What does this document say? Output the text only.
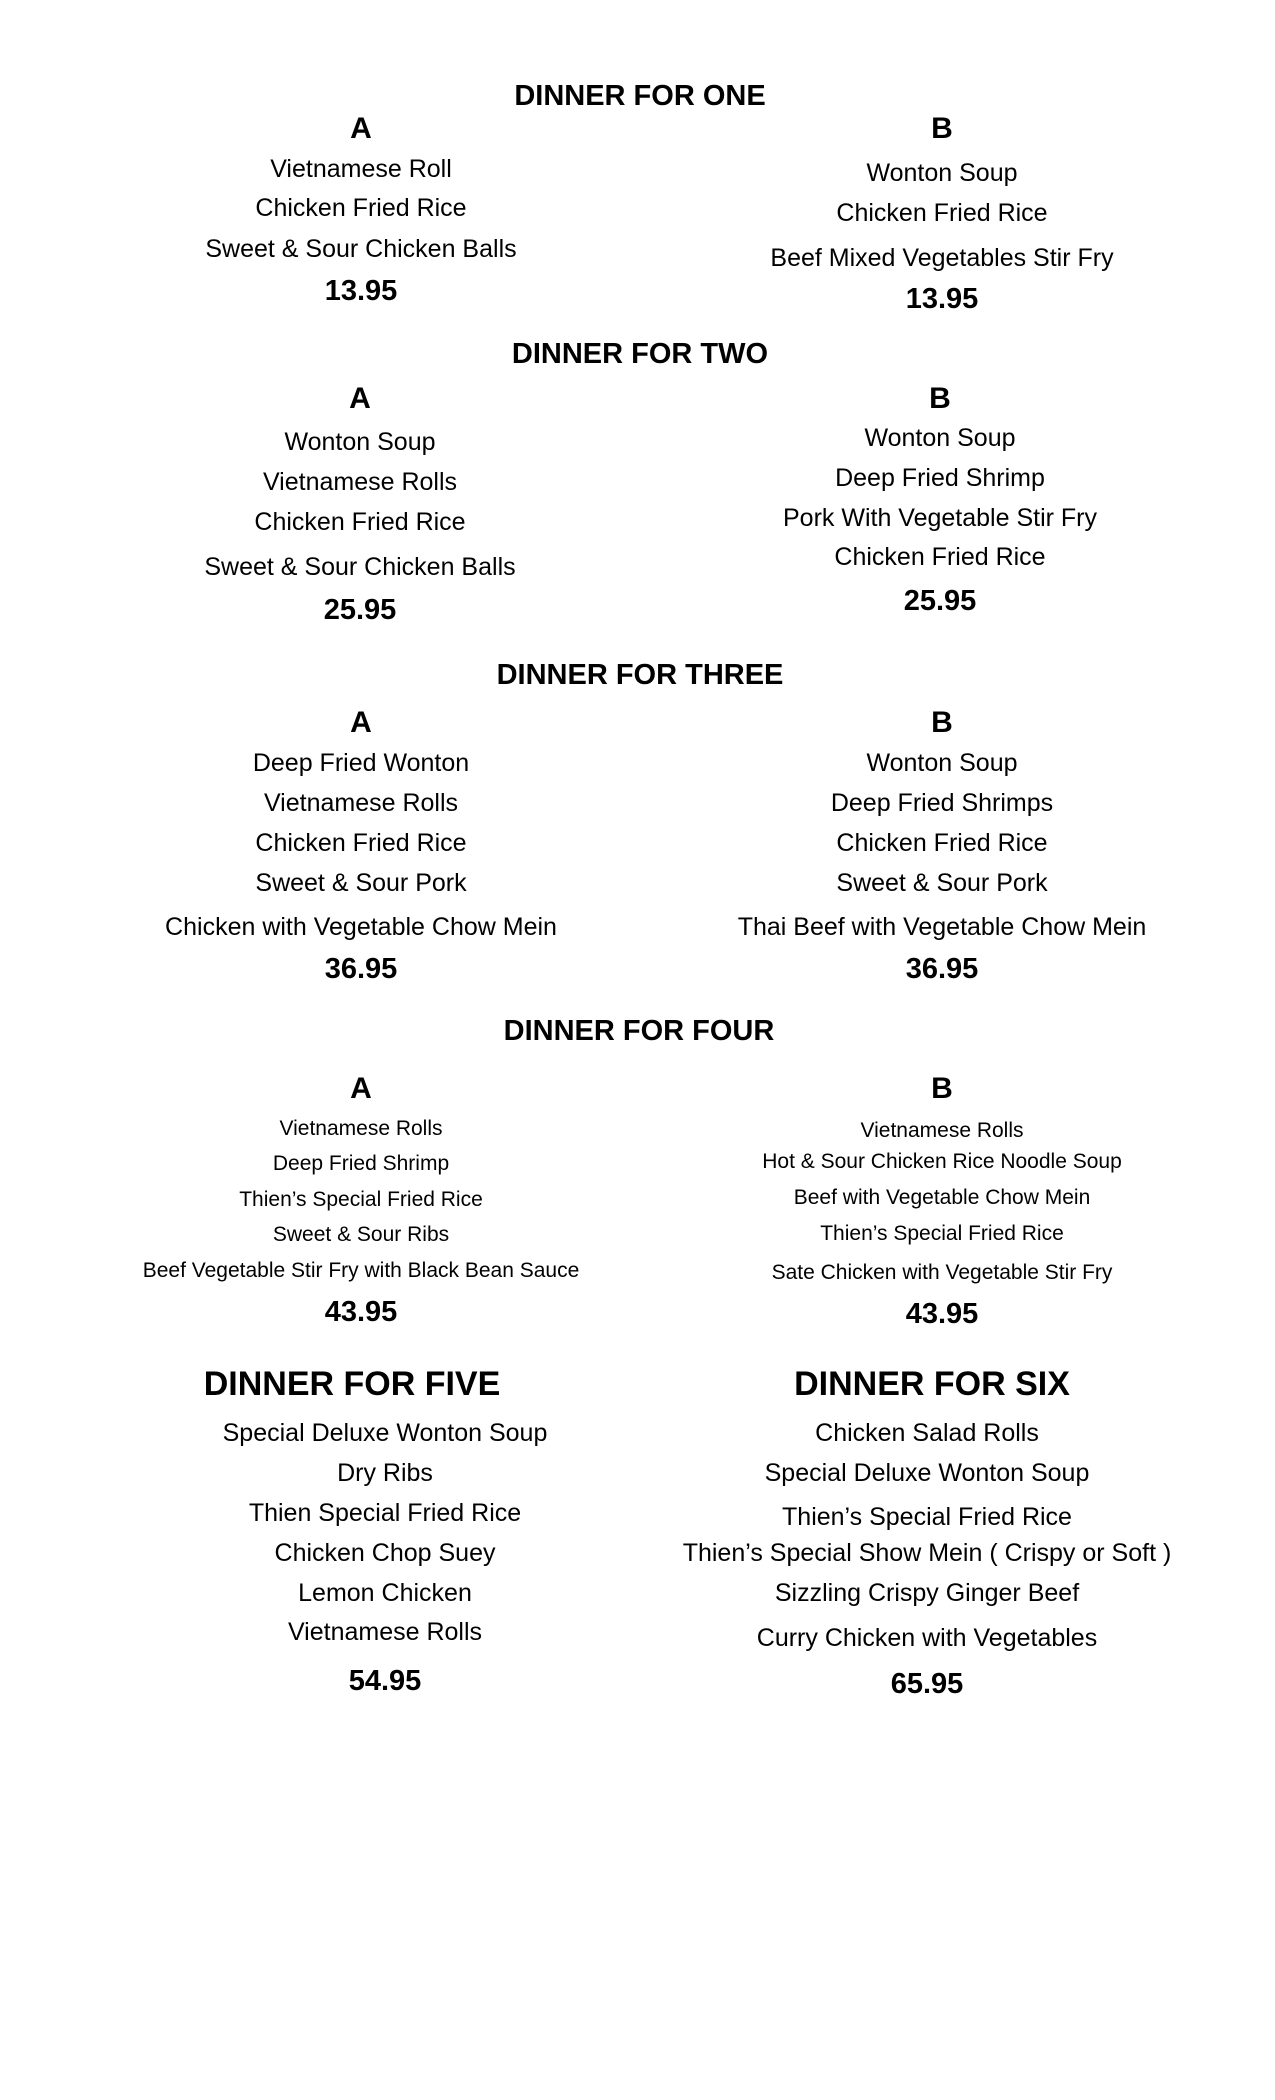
DINNER FOR ONE
A
Vietnamese Roll
Chicken Fried Rice
Sweet & Sour Chicken Balls
13.95
B
Wonton Soup
Chicken Fried Rice
Beef Mixed Vegetables Stir Fry
13.95
DINNER FOR TWO
A
Wonton Soup
Vietnamese Rolls
Chicken Fried Rice
Sweet & Sour Chicken Balls
25.95
B
Wonton Soup
Deep Fried Shrimp
Pork With Vegetable Stir Fry
Chicken Fried Rice
25.95
DINNER FOR THREE
A
Deep Fried Wonton
Vietnamese Rolls
Chicken Fried Rice
Sweet & Sour Pork
Chicken with Vegetable Chow Mein
36.95
B
Wonton Soup
Deep Fried Shrimps
Chicken Fried Rice
Sweet & Sour Pork
Thai Beef with Vegetable Chow Mein
36.95
DINNER FOR FOUR
A
Vietnamese Rolls
Deep Fried Shrimp
Thien’s Special Fried Rice
Sweet & Sour Ribs
Beef Vegetable Stir Fry with Black Bean Sauce
43.95
B
Vietnamese Rolls
Hot & Sour Chicken Rice Noodle Soup
Beef with Vegetable Chow Mein
Thien’s Special Fried Rice
Sate Chicken with Vegetable Stir Fry
43.95
DINNER FOR FIVE
Special Deluxe Wonton Soup
Dry Ribs
Thien Special Fried Rice
Chicken Chop Suey
Lemon Chicken
Vietnamese Rolls
54.95
DINNER FOR SIX
Chicken Salad Rolls
Special Deluxe Wonton Soup
Thien’s Special Fried Rice
Thien’s Special Show Mein ( Crispy or Soft )
Sizzling Crispy Ginger Beef
Curry Chicken with Vegetables
65.95
